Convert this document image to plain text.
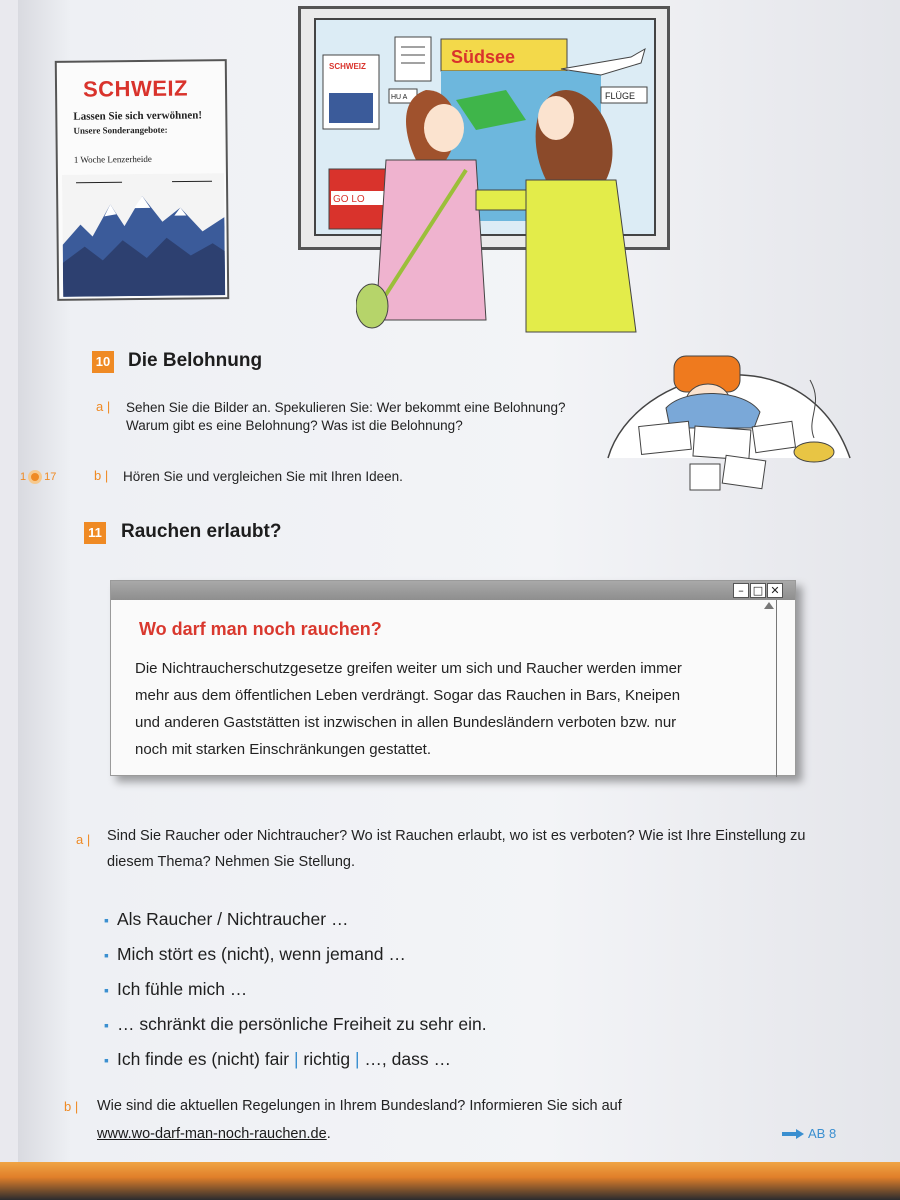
SCHWEIZ
Lassen Sie sich verwöhnen!
Unsere Sonderangebote:
1 Woche Lenzerheide
SCHWEIZ	Südsee
FLÜGE
HU A
GO LO
10 Die Belohnung
a | Sehen Sie die Bilder an. Spekulieren Sie: Wer bekommt eine Belohnung?
Warum gibt es eine Belohnung? Was ist die Belohnung?
1 17	b | Hören Sie und vergleichen Sie mit Ihren Ideen.
11 Rauchen erlaubt?
– □ ✕
Wo darf man noch rauchen?
Die Nichtraucherschutzgesetze greifen weiter um sich und Raucher werden immer
mehr aus dem öffentlichen Leben verdrängt. Sogar das Rauchen in Bars, Kneipen
und anderen Gaststätten ist inzwischen in allen Bundesländern verboten bzw. nur
noch mit starken Einschränkungen gestattet.
a | Sind Sie Raucher oder Nichtraucher? Wo ist Rauchen erlaubt, wo ist es verboten? Wie ist Ihre Einstellung zu
diesem Thema? Nehmen Sie Stellung.
▪ Als Raucher / Nichtraucher …
▪ Mich stört es (nicht), wenn jemand …
▪ Ich fühle mich …
▪ … schränkt die persönliche Freiheit zu sehr ein.
▪ Ich finde es (nicht) fair | richtig | …, dass …
b | Wie sind die aktuellen Regelungen in Ihrem Bundesland? Informieren Sie sich auf
www.wo-darf-man-noch-rauchen.de.	AB 8
